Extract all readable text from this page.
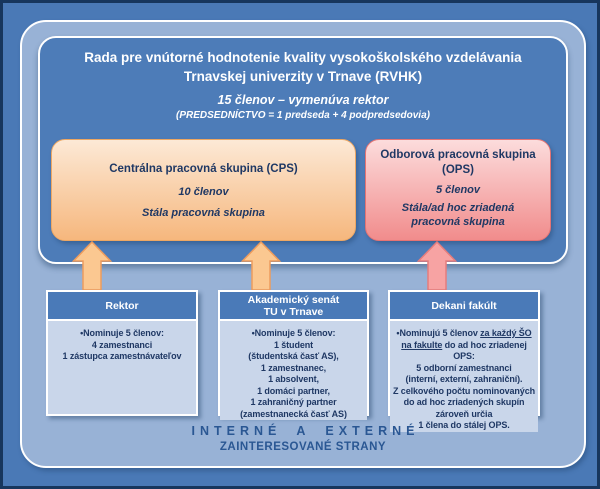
Rada pre vnútorné hodnotenie kvality vysokoškolského vzdelávania
Trnavskej univerzity v Trnave (RVHK)
15 členov – vymenúva rektor
(PREDSEDNÍCTVO = 1 predseda + 4 podpredsedovia)
Centrálna pracovná skupina (CPS)
10 členov
Stála pracovná skupina
Odborová pracovná skupina
(OPS)
5 členov
Stála/ad hoc zriadená
pracovná skupina
Rektor
•Nominuje 5 členov:
4 zamestnanci
1 zástupca zamestnávateľov
Akademický senát
TU v Trnave
•Nominuje 5 členov:
1 študent
(študentská časť AS),
1 zamestnanec,
1 absolvent,
1 domáci partner,
1 zahraničný partner
(zamestnanecká časť AS)
Dekani fakúlt
•Nominujú 5 členov za každý ŠO na fakulte do ad hoc zriadenej OPS:
5 odborní zamestnanci
(interní, externí, zahraniční).
Z celkového počtu nominovaných
do ad hoc zriadených skupín
zároveň určia
1 člena do stálej OPS.
INTERNÉ A EXTERNÉ
ZAINTERESOVANÉ STRANY
